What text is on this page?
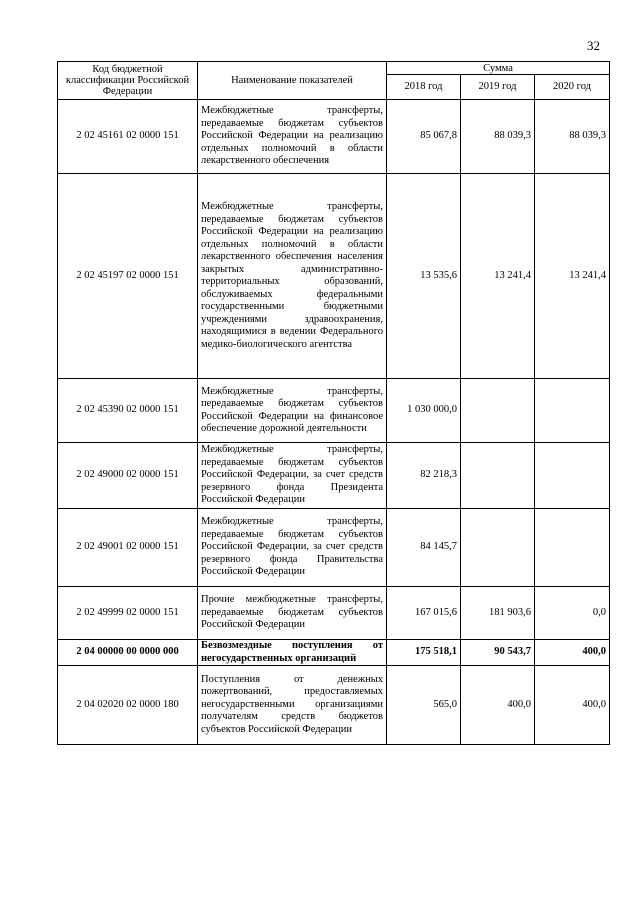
32
Код бюджетной классификации Российской Федерации	Наименование показателей	Сумма		
		2018 год	2019 год	2020 год
2 02 45161 02 0000 151	Межбюджетные трансферты, передаваемые бюджетам субъектов Российской Федерации на реализацию отдельных полномочий в области лекарственного обеспечения	85 067,8	88 039,3	88 039,3
2 02 45197 02 0000 151	Межбюджетные трансферты, передаваемые бюджетам субъектов Российской Федерации на реализацию отдельных полномочий в области лекарственного обеспечения населения закрытых административно-территориальных образований, обслуживаемых федеральными государственными бюджетными учреждениями здравоохранения, находящимися в ведении Федерального медико-биологического агентства	13 535,6	13 241,4	13 241,4
2 02 45390 02 0000 151	Межбюджетные трансферты, передаваемые бюджетам субъектов Российской Федерации на финансовое обеспечение дорожной деятельности	1 030 000,0		
2 02 49000 02 0000 151	Межбюджетные трансферты, передаваемые бюджетам субъектов Российской Федерации, за счет средств резервного фонда Президента Российской Федерации	82 218,3		
2 02 49001 02 0000 151	Межбюджетные трансферты, передаваемые бюджетам субъектов Российской Федерации, за счет средств резервного фонда Правительства Российской Федерации	84 145,7		
2 02 49999 02 0000 151	Прочие межбюджетные трансферты, передаваемые бюджетам субъектов Российской Федерации	167 015,6	181 903,6	0,0
2 04 00000 00 0000 000	Безвозмездные поступления от негосударственных организаций	175 518,1	90 543,7	400,0
2 04 02020 02 0000 180	Поступления от денежных пожертвований, предоставляемых негосударственными организациями получателям средств бюджетов субъектов Российской Федерации	565,0	400,0	400,0
